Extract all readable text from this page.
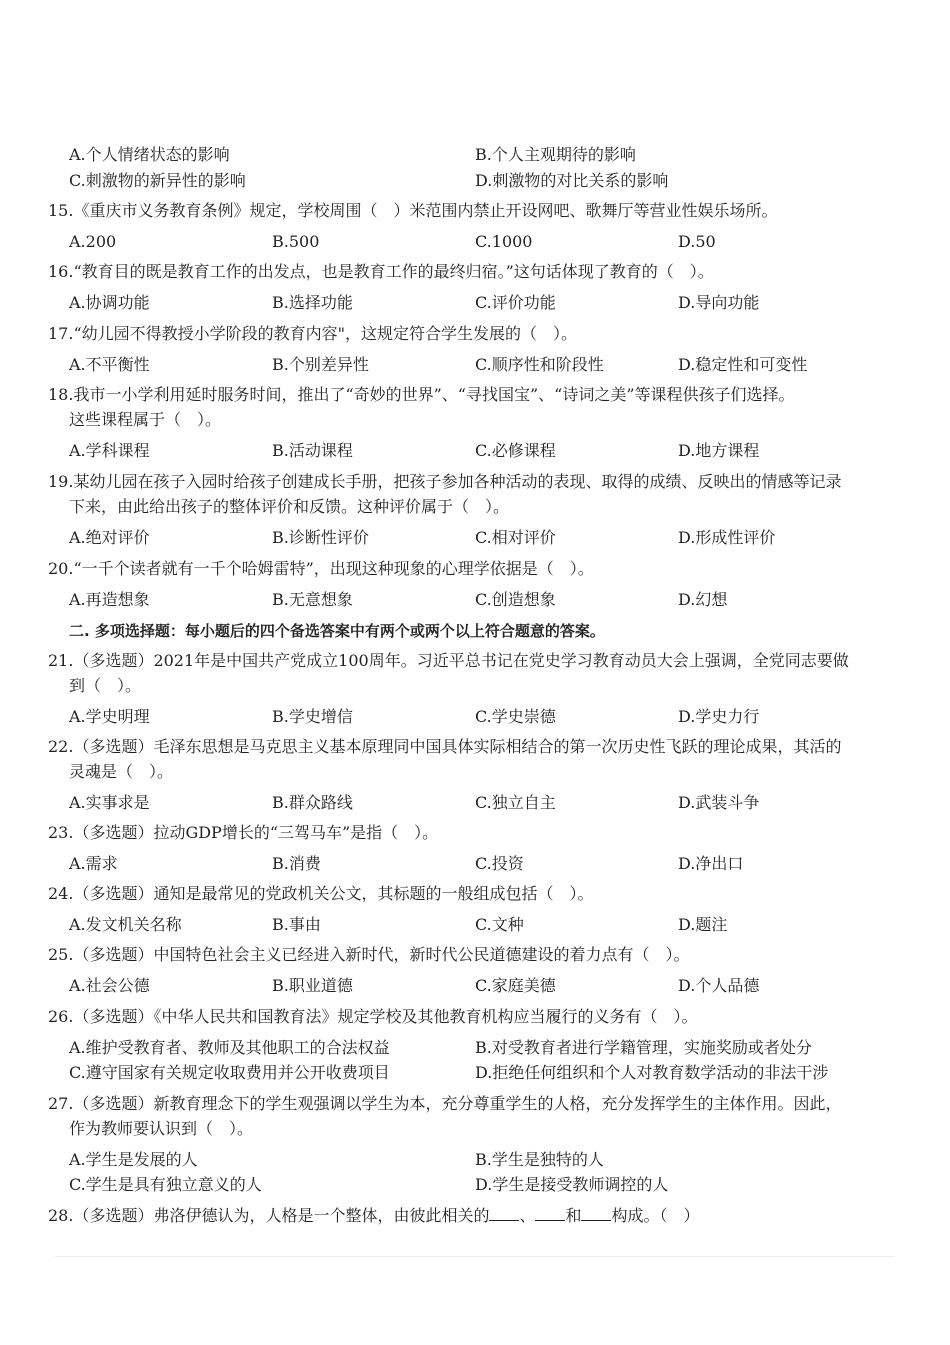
A.个人情绪状态的影响	B.个人主观期待的影响
C.刺激物的新异性的影响	D.刺激物的对比关系的影响
15.《重庆市义务教育条例》规定，学校周围（　）米范围内禁止开设网吧、歌舞厅等营业性娱乐场所。
A.200	B.500	C.1000	D.50
16.“教育目的既是教育工作的出发点，也是教育工作的最终归宿。”这句话体现了教育的（　）。
A.协调功能	B.选择功能	C.评价功能	D.导向功能
17.“幼儿园不得教授小学阶段的教育内容"，这规定符合学生发展的（　）。
A.不平衡性	B.个别差异性	C.顺序性和阶段性	D.稳定性和可变性
18.我市一小学利用延时服务时间，推出了“奇妙的世界”、“寻找国宝”、“诗词之美”等课程供孩子们选择。
这些课程属于（　）。
A.学科课程	B.活动课程	C.必修课程	D.地方课程
19.某幼儿园在孩子入园时给孩子创建成长手册，把孩子参加各种活动的表现、取得的成绩、反映出的情感等记录
下来，由此给出孩子的整体评价和反馈。这种评价属于（　）。
A.绝对评价	B.诊断性评价	C.相对评价	D.形成性评价
20.“一千个读者就有一千个哈姆雷特”，出现这种现象的心理学依据是（　）。
A.再造想象	B.无意想象	C.创造想象	D.幻想
二. 多项选择题：每小题后的四个备选答案中有两个或两个以上符合题意的答案。
21.（多选题）2021年是中国共产党成立100周年。习近平总书记在党史学习教育动员大会上强调，全党同志要做
到（　）。
A.学史明理	B.学史增信	C.学史崇德	D.学史力行
22.（多选题）毛泽东思想是马克思主义基本原理同中国具体实际相结合的第一次历史性飞跃的理论成果，其活的
灵魂是（　）。
A.实事求是	B.群众路线	C.独立自主	D.武装斗争
23.（多选题）拉动GDP增长的“三驾马车”是指（　）。
A.需求	B.消费	C.投资	D.净出口
24.（多选题）通知是最常见的党政机关公文，其标题的一般组成包括（　）。
A.发文机关名称	B.事由	C.文种	D.题注
25.（多选题）中国特色社会主义已经进入新时代，新时代公民道德建设的着力点有（　）。
A.社会公德	B.职业道德	C.家庭美德	D.个人品德
26.（多选题）《中华人民共和国教育法》规定学校及其他教育机构应当履行的义务有（　）。
A.维护受教育者、教师及其他职工的合法权益	B.对受教育者进行学籍管理，实施奖励或者处分
C.遵守国家有关规定收取费用并公开收费项目	D.拒绝任何组织和个人对教育数学活动的非法干涉
27.（多选题）新教育理念下的学生观强调以学生为本，充分尊重学生的人格，充分发挥学生的主体作用。因此，
作为教师要认识到（　）。
A.学生是发展的人	B.学生是独特的人
C.学生是具有独立意义的人	D.学生是接受教师调控的人
28.（多选题）弗洛伊德认为，人格是一个整体，由彼此相关的 、 和 构成。（　）
